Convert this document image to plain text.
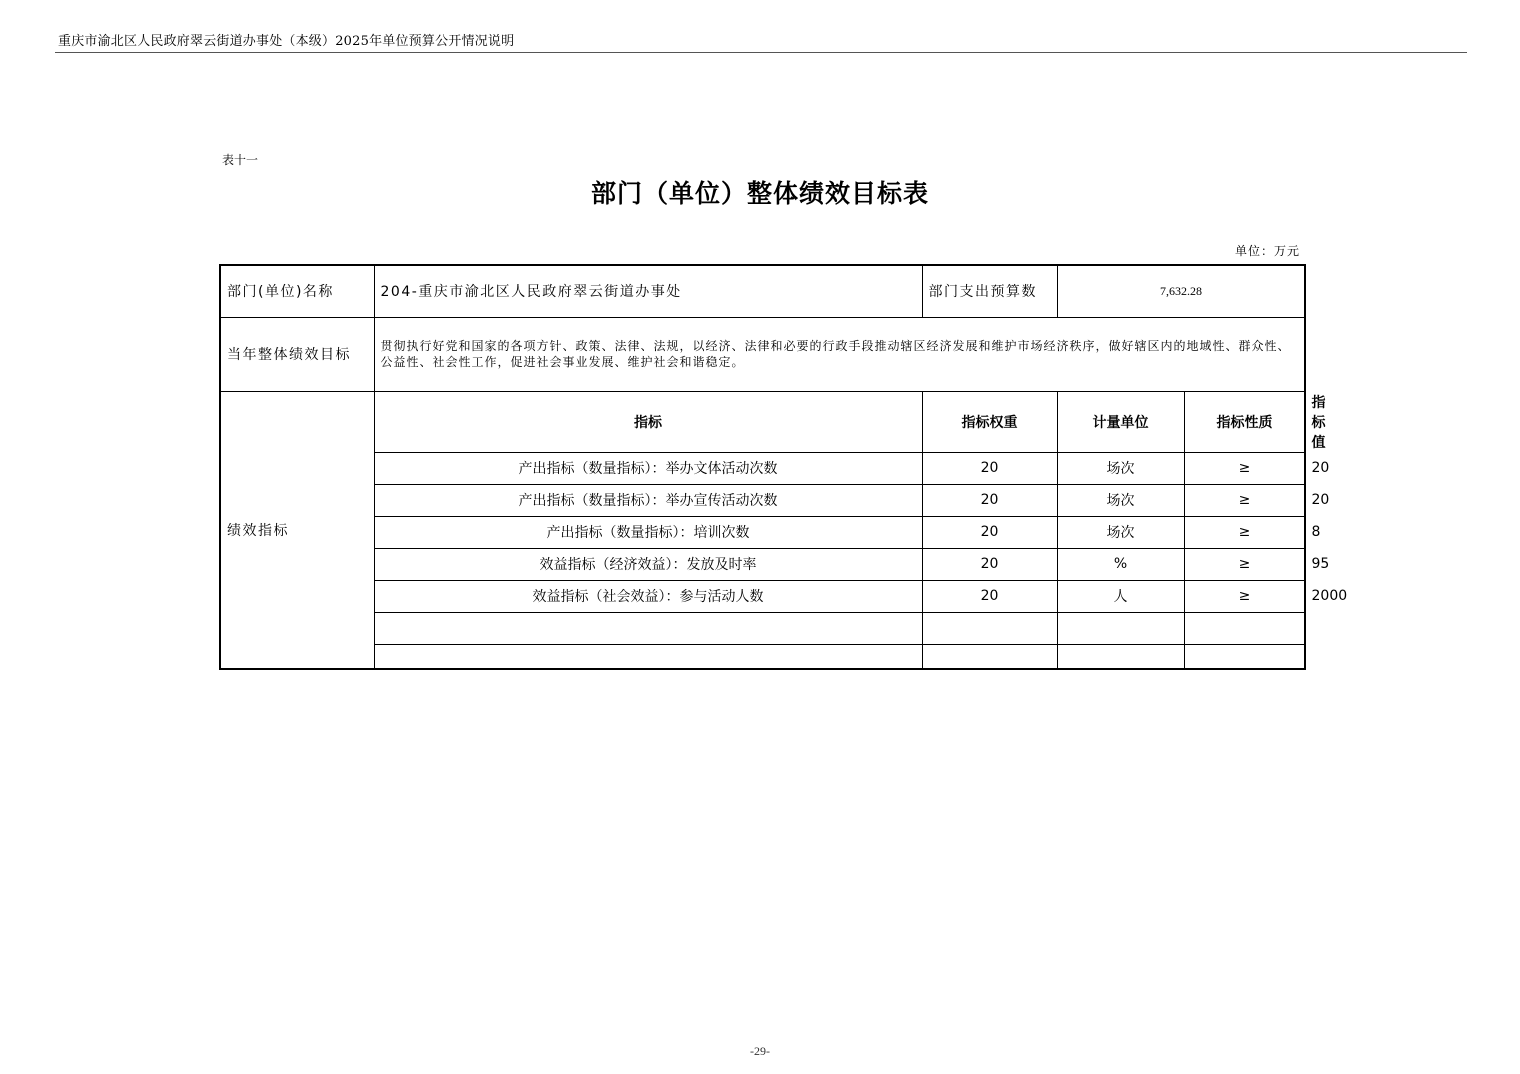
重庆市渝北区人民政府翠云街道办事处（本级）2025年单位预算公开情况说明
表十一
部门（单位）整体绩效目标表
单位：万元
部门(单位)名称	204-重庆市渝北区人民政府翠云街道办事处	部门支出预算数	7,632.28		
当年整体绩效目标	贯彻执行好党和国家的各项方针、政策、法律、法规，以经济、法律和必要的行政手段推动辖区经济发展和维护市场经济秩序，做好辖区内的地域性、群众性、公益性、社会性工作，促进社会事业发展、维护社会和谐稳定。				
绩效指标	指标	指标权重	计量单位	指标性质	指标值
	产出指标（数量指标）：举办文体活动次数	20	场次	≥	20
	产出指标（数量指标）：举办宣传活动次数	20	场次	≥	20
	产出指标（数量指标）：培训次数	20	场次	≥	8
	效益指标（经济效益）：发放及时率	20	%	≥	95
	效益指标（社会效益）：参与活动人数	20	人	≥	2000

-29-
